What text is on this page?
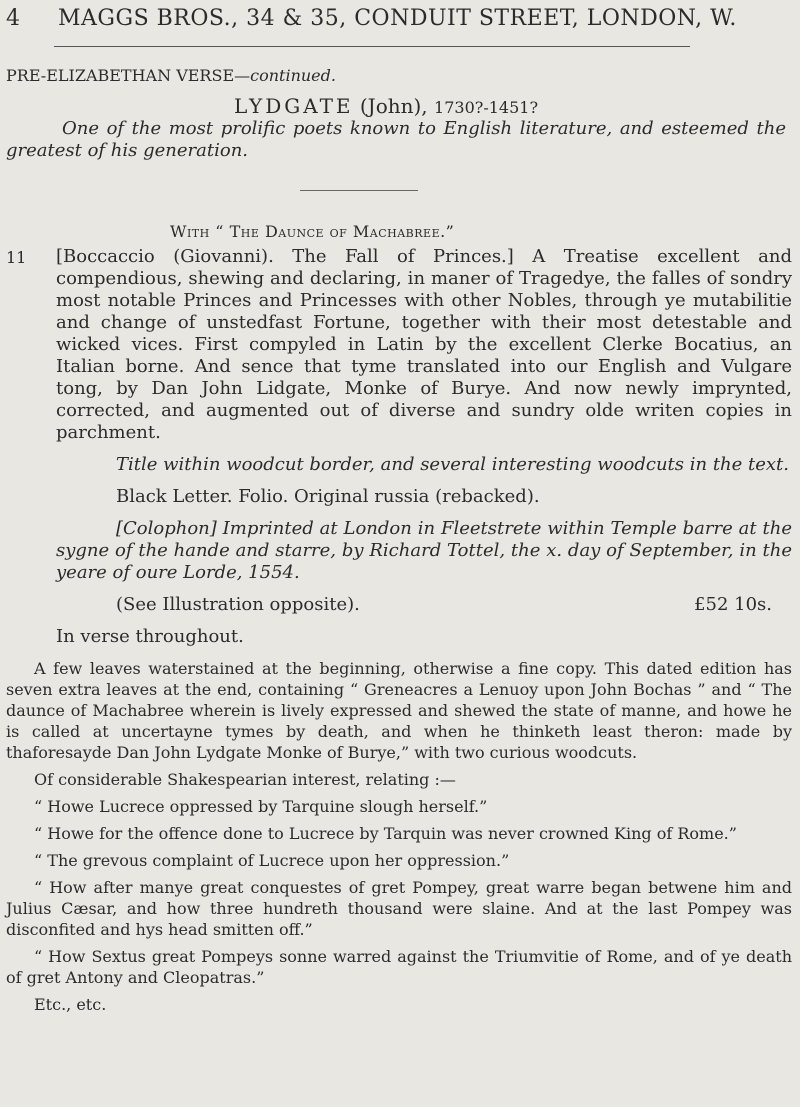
4 MAGGS BROS., 34 & 35, CONDUIT STREET, LONDON, W.
PRE-ELIZABETHAN VERSE—continued.
LYDGATE (John), 1730?-1451?
One of the most prolific poets known to English literature, and esteemed the greatest of his generation.
With “ The Daunce of Machabree.”
11 [Boccaccio (Giovanni). The Fall of Princes.] A Treatise excellent and compendious, shewing and declaring, in maner of Tragedye, the falles of sondry most notable Princes and Princesses with other Nobles, through ye mutabilitie and change of unstedfast Fortune, together with their most detestable and wicked vices. First compyled in Latin by the excellent Clerke Bocatius, an Italian borne. And sence that tyme translated into our English and Vulgare tong, by Dan John Lidgate, Monke of Burye. And now newly imprynted, corrected, and augmented out of diverse and sundry olde writen copies in parchment.

Title within woodcut border, and several interesting woodcuts in the text.

Black Letter. Folio. Original russia (rebacked).

[Colophon] Imprinted at London in Fleetstrete within Temple barre at the sygne of the hande and starre, by Richard Tottel, the x. day of September, in the yeare of oure Lorde, 1554.

(See Illustration opposite).	£52 10s.

In verse throughout.

A few leaves waterstained at the beginning, otherwise a fine copy. This dated edition has seven extra leaves at the end, containing “ Greneacres a Lenuoy upon John Bochas ” and “ The daunce of Machabree wherein is lively expressed and shewed the state of manne, and howe he is called at uncertayne tymes by death, and when he thinketh least theron: made by thaforesayde Dan John Lydgate Monke of Burye,” with two curious woodcuts.

Of considerable Shakespearian interest, relating :—

“ Howe Lucrece oppressed by Tarquine slough herself.”

“ Howe for the offence done to Lucrece by Tarquin was never crowned King of Rome.”

“ The grevous complaint of Lucrece upon her oppression.”

“ How after manye great conquestes of gret Pompey, great warre began betwene him and Julius Cæsar, and how three hundreth thousand were slaine. And at the last Pompey was disconfited and hys head smitten off.”

“ How Sextus great Pompeys sonne warred against the Triumvitie of Rome, and of ye death of gret Antony and Cleopatras.”

Etc., etc.
